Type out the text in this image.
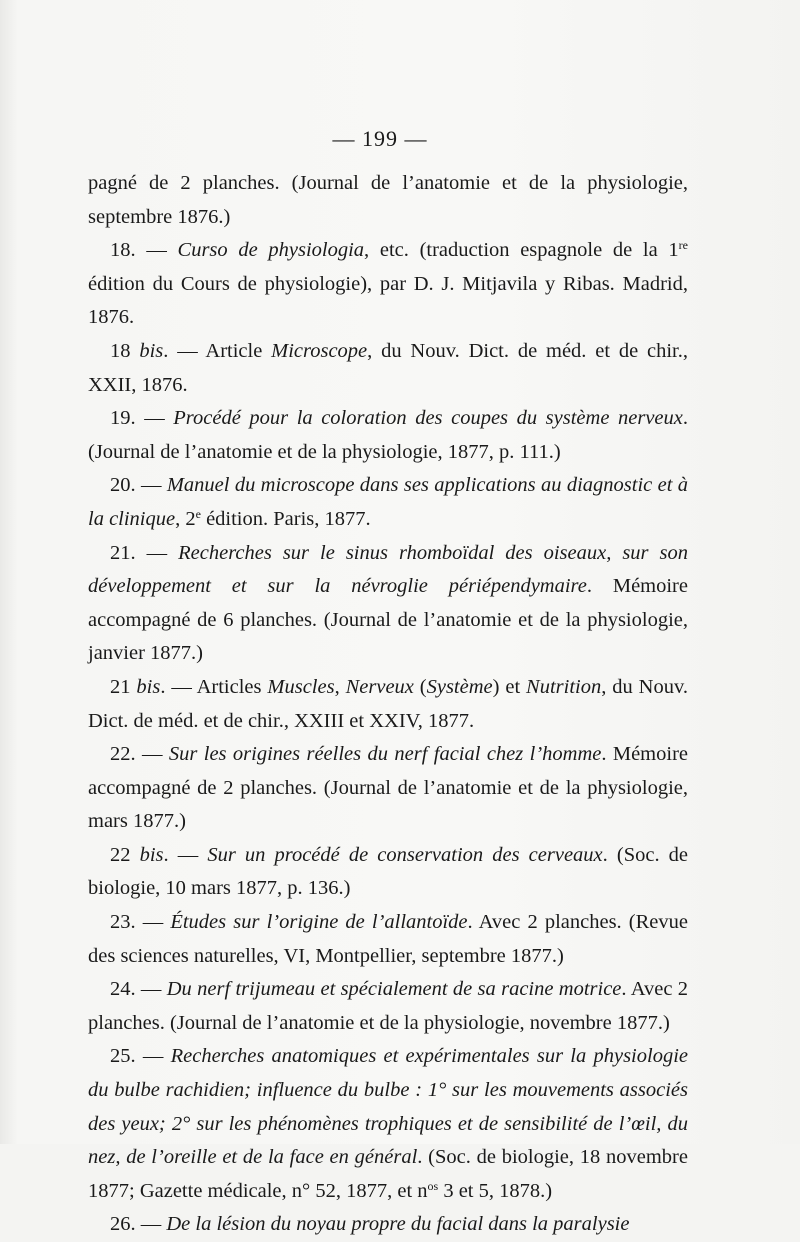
— 199 —

pagné de 2 planches. (Journal de l’anatomie et de la physiologie, septembre 1876.)

18. — Curso de physiologia, etc. (traduction espagnole de la 1re édition du Cours de physiologie), par D. J. Mitjavila y Ribas. Madrid, 1876.

18 bis. — Article Microscope, du Nouv. Dict. de méd. et de chir., XXII, 1876.

19. — Procédé pour la coloration des coupes du système nerveux. (Journal de l’anatomie et de la physiologie, 1877, p. 111.)

20. — Manuel du microscope dans ses applications au diagnostic et à la clinique, 2e édition. Paris, 1877.

21. — Recherches sur le sinus rhomboïdal des oiseaux, sur son développement et sur la névroglie périépendymaire. Mémoire accompagné de 6 planches. (Journal de l’anatomie et de la physiologie, janvier 1877.)

21 bis. — Articles Muscles, Nerveux (Système) et Nutrition, du Nouv. Dict. de méd. et de chir., XXIII et XXIV, 1877.

22. — Sur les origines réelles du nerf facial chez l’homme. Mémoire accompagné de 2 planches. (Journal de l’anatomie et de la physiologie, mars 1877.)

22 bis. — Sur un procédé de conservation des cerveaux. (Soc. de biologie, 10 mars 1877, p. 136.)

23. — Études sur l’origine de l’allantoïde. Avec 2 planches. (Revue des sciences naturelles, VI, Montpellier, septembre 1877.)

24. — Du nerf trijumeau et spécialement de sa racine motrice. Avec 2 planches. (Journal de l’anatomie et de la physiologie, novembre 1877.)

25. — Recherches anatomiques et expérimentales sur la physiologie du bulbe rachidien; influence du bulbe : 1° sur les mouvements associés des yeux; 2° sur les phénomènes trophiques et de sensibilité de l’œil, du nez, de l’oreille et de la face en général. (Soc. de biologie, 18 novembre 1877; Gazette médicale, n° 52, 1877, et $n^{os}$ 3 et 5, 1878.)

26. — De la lésion du noyau propre du facial dans la paralysie
